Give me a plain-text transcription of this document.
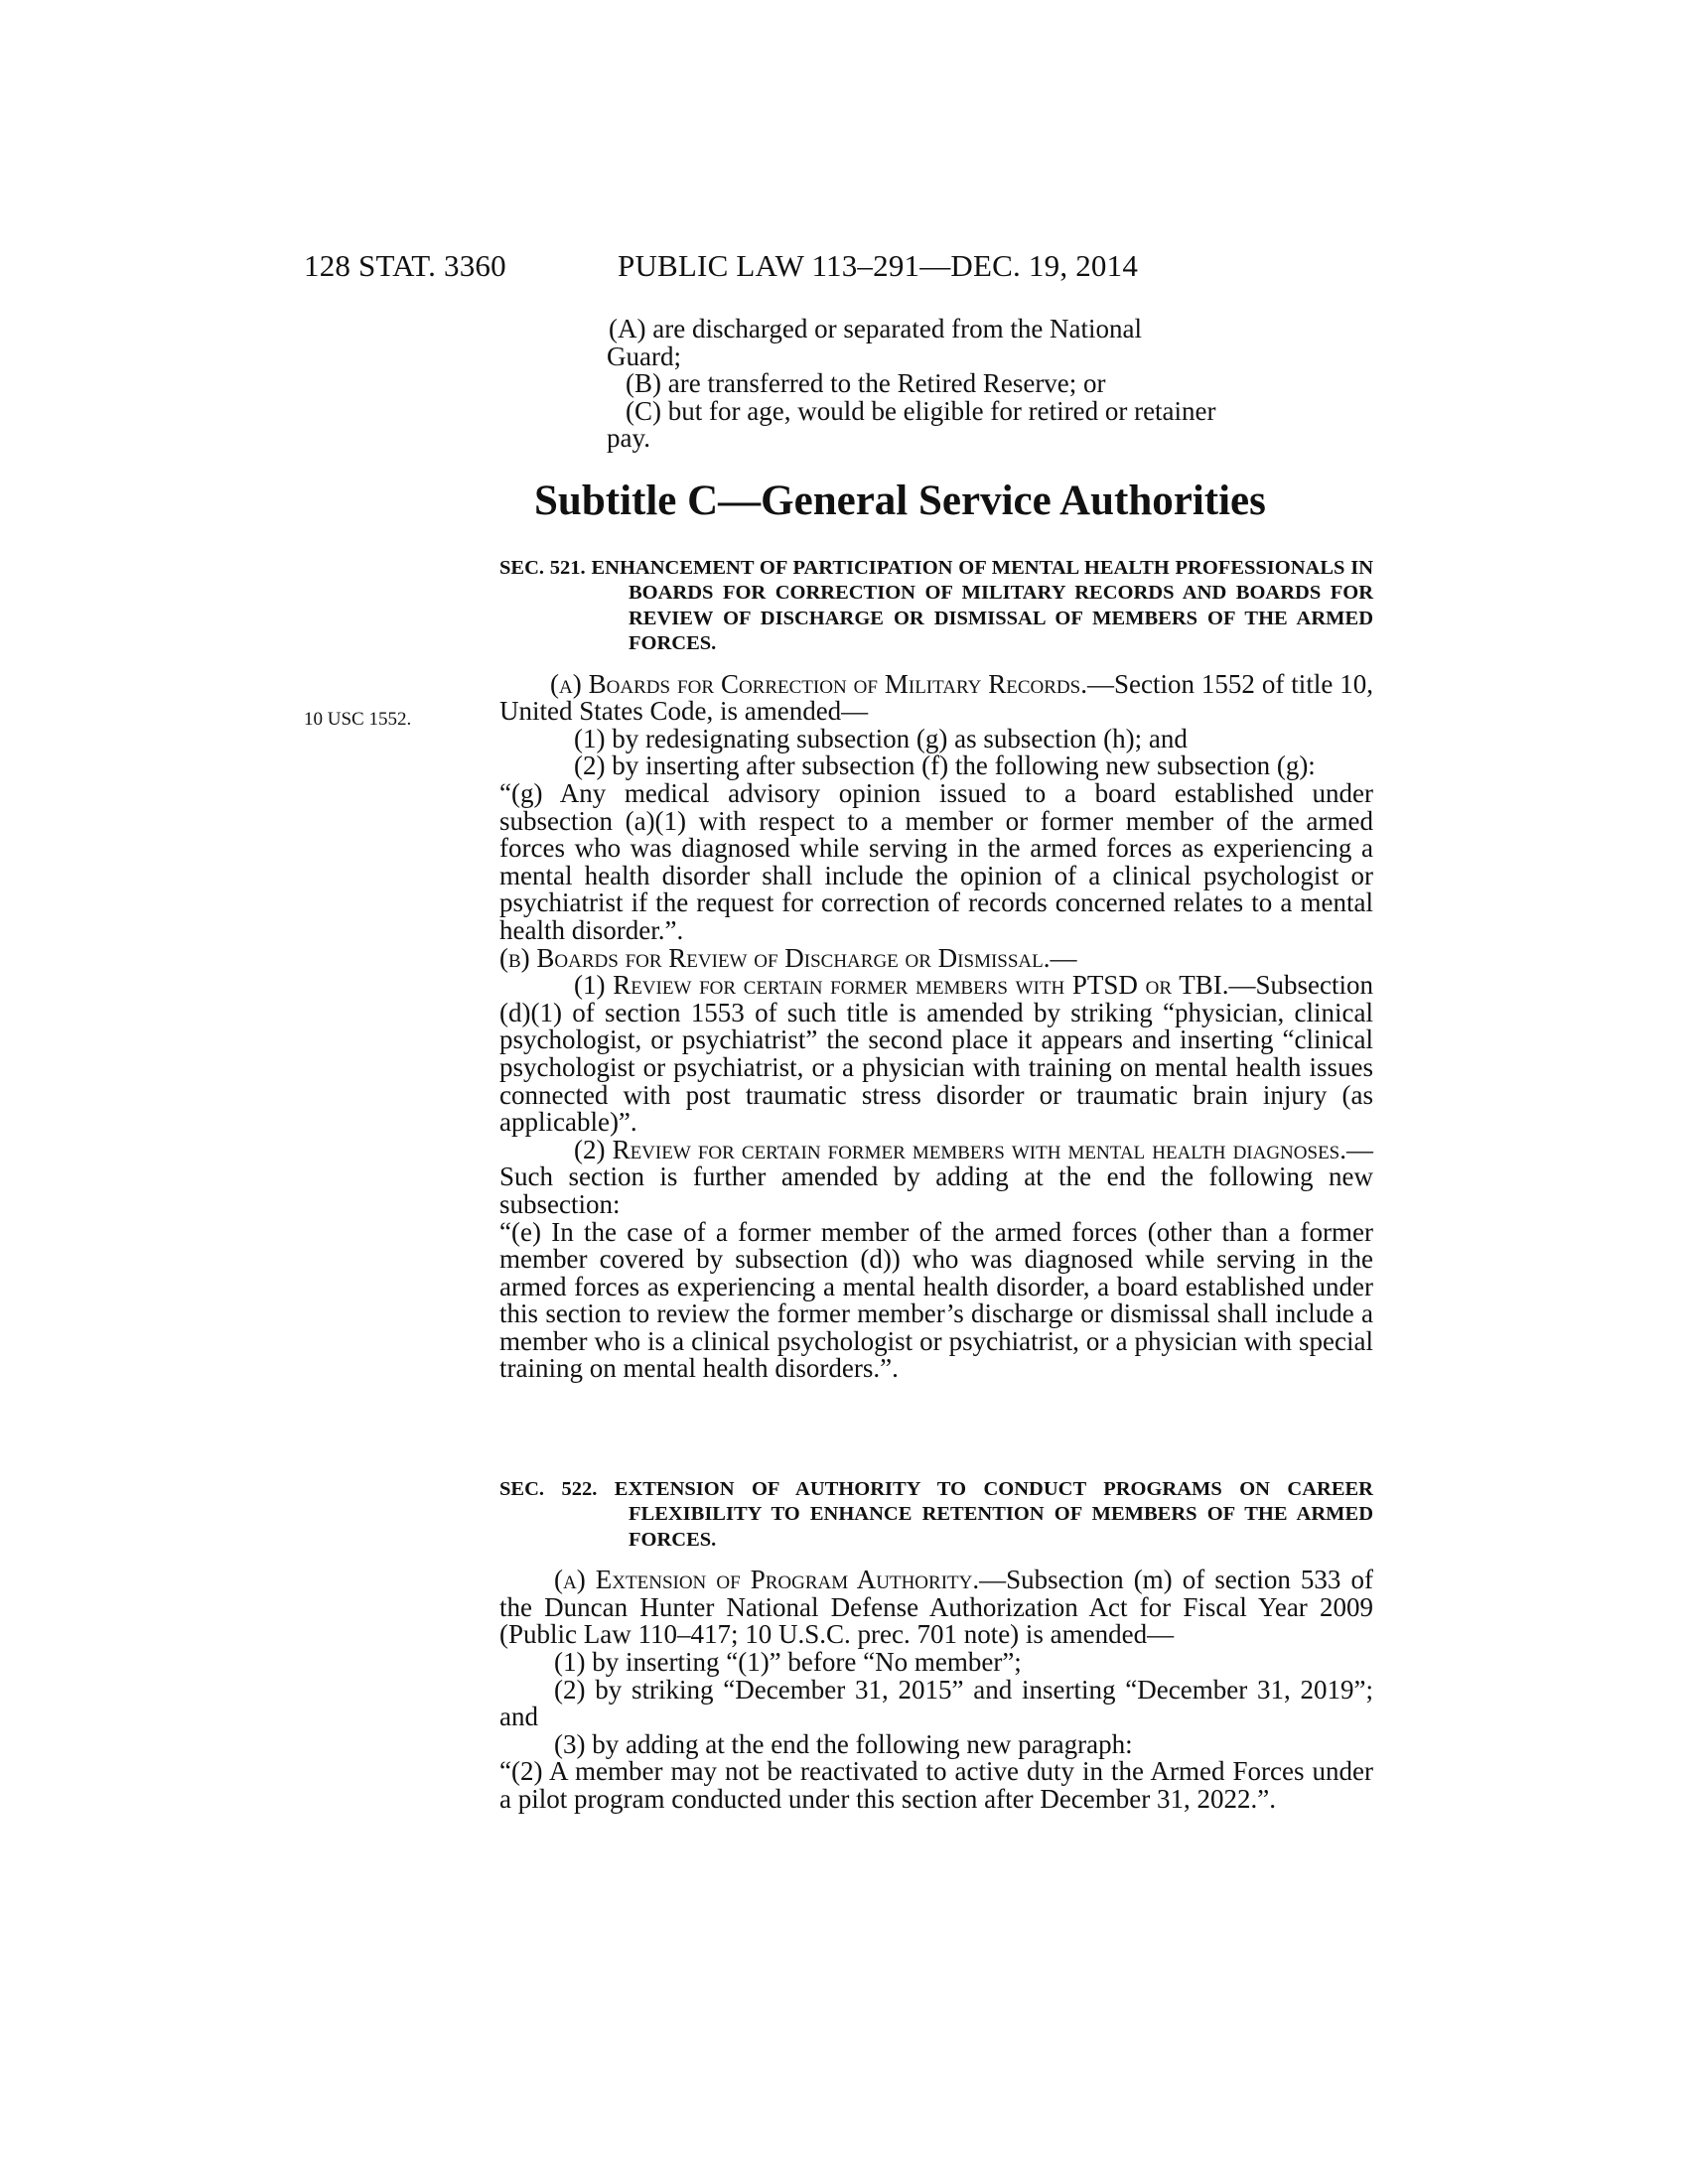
128 STAT. 3360	PUBLIC LAW 113–291—DEC. 19, 2014

(A) are discharged or separated from the National

Guard;

(B) are transferred to the Retired Reserve; or

(C) but for age, would be eligible for retired or retainer

pay.

Subtitle C—General Service Authorities

SEC. 521. ENHANCEMENT OF PARTICIPATION OF MENTAL HEALTH PROFESSIONALS IN BOARDS FOR CORRECTION OF MILITARY RECORDS AND BOARDS FOR REVIEW OF DISCHARGE OR DISMISSAL OF MEMBERS OF THE ARMED FORCES.

(a) Boards for Correction of Military Records.—Section 1552 of title 10, United States Code, is amended—

(1) by redesignating subsection (g) as subsection (h); and

(2) by inserting after subsection (f) the following new subsection (g):

“(g) Any medical advisory opinion issued to a board established under subsection (a)(1) with respect to a member or former member of the armed forces who was diagnosed while serving in the armed forces as experiencing a mental health disorder shall include the opinion of a clinical psychologist or psychiatrist if the request for correction of records concerned relates to a mental health disorder.”.

(b) Boards for Review of Discharge or Dismissal.—

(1) Review for certain former members with PTSD or TBI.—Subsection (d)(1) of section 1553 of such title is amended by striking “physician, clinical psychologist, or psychiatrist” the second place it appears and inserting “clinical psychologist or psychiatrist, or a physician with training on mental health issues connected with post traumatic stress disorder or traumatic brain injury (as applicable)”.

(2) Review for certain former members with mental health diagnoses.—Such section is further amended by adding at the end the following new subsection:

“(e) In the case of a former member of the armed forces (other than a former member covered by subsection (d)) who was diagnosed while serving in the armed forces as experiencing a mental health disorder, a board established under this section to review the former member’s discharge or dismissal shall include a member who is a clinical psychologist or psychiatrist, or a physician with special training on mental health disorders.”.

10 USC 1552.

SEC. 522. EXTENSION OF AUTHORITY TO CONDUCT PROGRAMS ON CAREER FLEXIBILITY TO ENHANCE RETENTION OF MEMBERS OF THE ARMED FORCES.

(a) Extension of Program Authority.—Subsection (m) of section 533 of the Duncan Hunter National Defense Authorization Act for Fiscal Year 2009 (Public Law 110–417; 10 U.S.C. prec. 701 note) is amended—

(1) by inserting “(1)” before “No member”;

(2) by striking “December 31, 2015” and inserting “December 31, 2019”; and

(3) by adding at the end the following new paragraph:

“(2) A member may not be reactivated to active duty in the Armed Forces under a pilot program conducted under this section after December 31, 2022.”.
